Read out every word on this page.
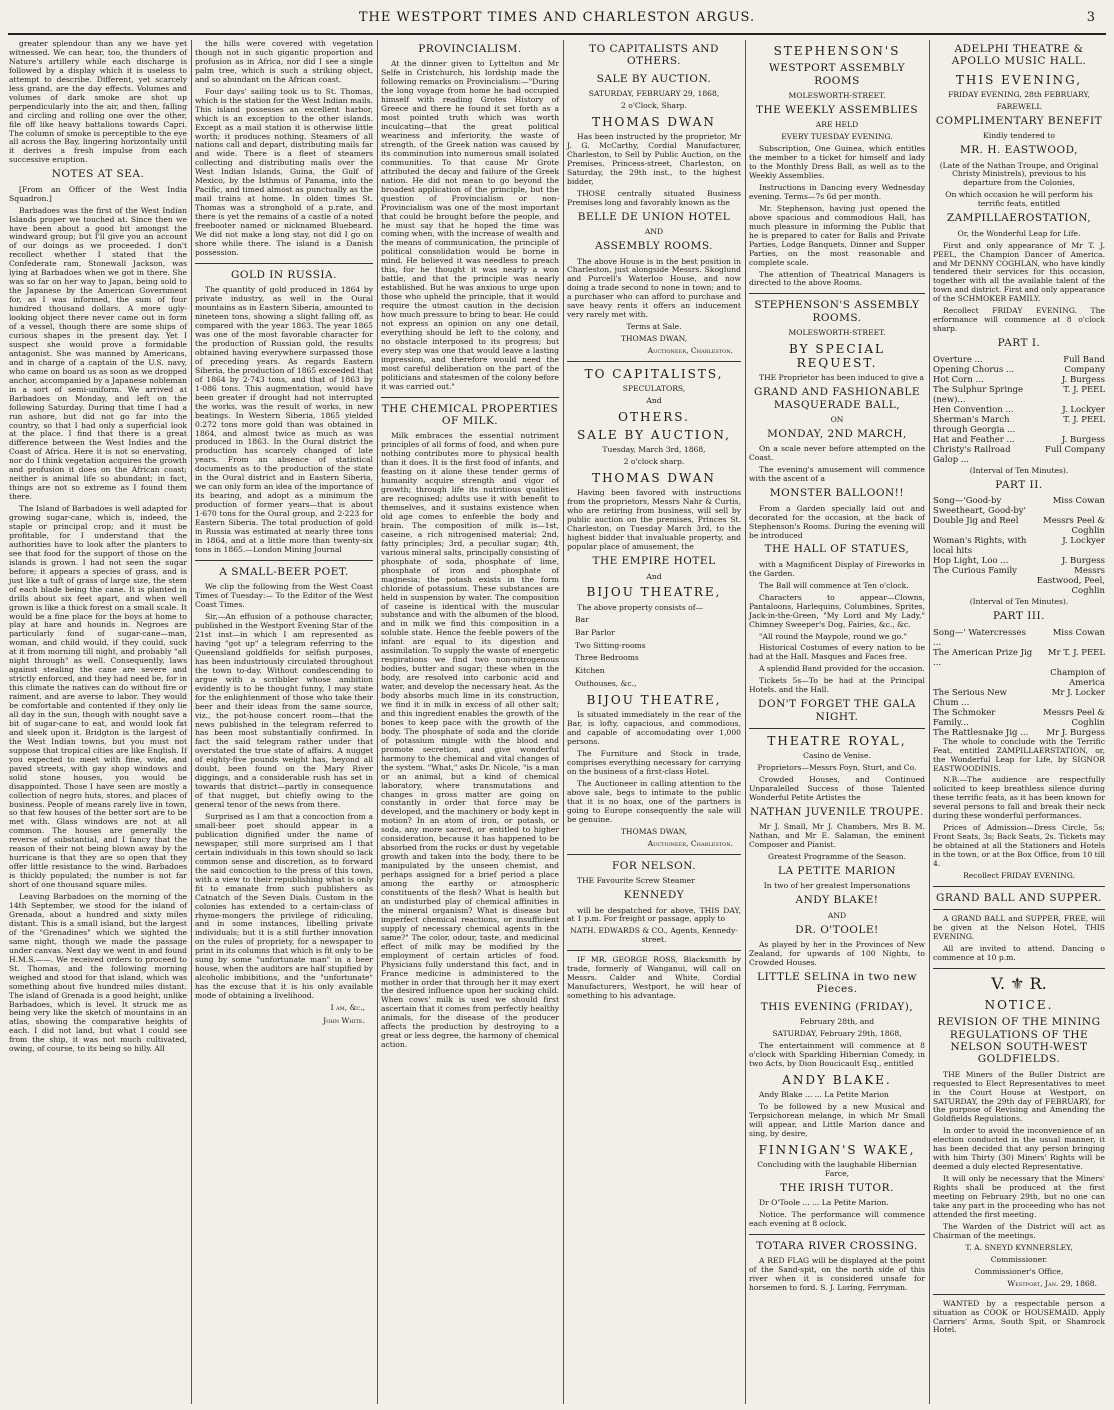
THE WESTPORT TIMES AND CHARLESTON ARGUS.	3

greater splendour than any we have yet witnessed. We can hear, too, the thunders of Nature's artillery while each discharge is followed by a display which it is useless to attempt to describe. Different, yet scarcely less grand, are the day effects. Volumes and volumes of dark smoke are shot up perpendicularly into the air, and then, falling and circling and rolling one over the other, file off like heavy battalions towards Capri. The column of smoke is perceptible to the eye all across the Bay, lingering horizontally until it derives a fresh impulse from each successive eruption.

NOTES AT SEA.

[From an Officer of the West India Squadron.]

Barbadoes was the first of the West Indian Islands proper we touched at. Since then we have been about a good bit amongst the windward group; but I'll give you an account of our doings as we proceeded. I don't recollect whether I stated that the Confederate ram, Stonewall Jackson, was lying at Barbadoes when we got in there. She was so far on her way to Japan, being sold to the Japanese by the American Government for, as I was informed, the sum of four hundred thousand dollars. A more ugly-looking object there never came out in form of a vessel, though there are some ships of curious shapes in the present day. Yet I suspect she would prove a formidable antagonist. She was manned by Americans, and in charge of a captain of the U.S. navy, who came on board us as soon as we dropped anchor, accompanied by a Japanese nobleman in a sort of semi-uniform. We arrived at Barbadoes on Monday, and left on the following Saturday. During that time I had a run ashore, but did not go far into the country, so that I had only a superficial look at the place. I find that there is a great difference between the West Indies and the Coast of Africa. Here it is not so enervating, nor do I think vegetation acquires the growth and profusion it does on the African coast; neither is animal life so abundant; in fact, things are not so extreme as I found them there.

The Island of Barbadoes is well adapted for growing sugar-cane, which is, indeed, the staple or principal crop; and it must be profitable, for I understand that the authorities have to look after the planters to see that food for the support of those on the islands is grown. I had not seen the sugar before; it appears a species of grass, and is just like a tuft of grass of large size, the stem of each blade being the cane. It is planted in drills about six feet apart, and when well grown is like a thick forest on a small scale. It would be a fine place for the boys at home to play at hare and hounds in. Negroes are particularly fond of sugar-cane—man, woman, and child would, if they could, suck at it from morning till night, and probably "all night through" as well. Consequently, laws against stealing the cane are severe and strictly enforced, and they had need be, for in this climate the natives can do without fire or raiment, and are averse to labor. They would be comfortable and contented if they only lie all day in the sun, though with nought save a bit of sugar-cane to eat, and would look fat and sleek upon it. Bridgton is the largest of the West Indian towns, but you must not suppose that tropical cities are like English. If you expected to meet with fine, wide, and paved streets, with gay shop windows and solid stone houses, you would be disappointed. Those I have seen are mostly a collection of negro huts, stores, and places of business. People of means rarely live in town, so that few houses of the better sort are to be met with. Glass windows are not at all common. The houses are generally the reverse of substantial, and I fancy that the reason of their not being blown away by the hurricane is that they are so open that they offer little resistance to the wind. Barbadoes is thickly populated; the number is not far short of one thousand square miles.

Leaving Barbadoes on the morning of the 14th September, we stood for the island of Grenada, about a hundred and sixty miles distant. This is a small island, but the largest of the "Grenadines" which we sighted the same night, though we made the passage under canvas. Next day we went in and found H.M.S.——. We received orders to proceed to St. Thomas, and the following morning weighed and stood for that island, which was something about five hundred miles distant. The island of Grenada is a good height, unlike Barbadoes, which is level. It struck me as being very like the sketch of mountains in an atlas, showing the comparative heights of each. I did not land, but what I could see from the ship, it was not much cultivated, owing, of course, to its being so hilly. All

the hills were covered with vegetation though not in such gigantic proportion and profusion as in Africa, nor did I see a single palm tree, which is such a striking object, and so abundant on the African coast.

Four days' sailing took us to St. Thomas, which is the station for the West Indian mails. This island possesses an excellent harbor, which is an exception to the other islands. Except as a mail station it is otherwise little worth; it produces nothing. Steamers of all nations call and depart, distributing mails far and wide. There is a fleet of steamers collecting and distributing mails over the West Indian Islands, Guina, the Gulf of Mexico, by the Isthmus of Panama, into the Pacific, and timed almost as punctually as the mail trains at home. In olden times St. Thomas was a stronghold of a p.rate, and there is yet the remains of a castle of a noted freebooter named or nicknamed Bluebeard. We did not make a long stay, not did I go on shore while there. The island is a Danish possession.

GOLD IN RUSSIA.

The quantity of gold produced in 1864 by private industry, as well in the Oural mountains as in Eastern Siberia, amounted to nineteen tons, showing a slight falling off, as compared with the year 1863. The year 1865 was one of the most favorable character for the production of Russian gold, the results obtained having everywhere surpassed those of preceding years. As regards Eastern Siberia, the production of 1865 exceeded that of 1864 by 2·743 tons, and that of 1863 by 1·086 tons. This augmentation, would have been greater if drought had not interrupted the works, was the result of works, in new beatings. In Western Siberia, 1865 yielded 0.272 tons more gold than was obtained in 1864, and almost twice as much as was produced in 1863. In the Oural district the production has scarcely changed of late years. From an absence of statistical documents as to the production of the state in the Oural district and in Eastern Siberia, we can only form an idea of the importance of its bearing, and adopt as a minimum the production of former years—that is about 1·670 tons for the Oural group, and 2·223 for Eastern Siberia. The total production of gold in Russia was estimated at nearly three tons in 1864, and at a little more than twenty-six tons in 1865.—London Mining Journal

A SMALL-BEER POET.

We clip the following from the West Coast Times of Tuesday:— To the Editor of the West Coast Times.

Sir,—An effusion of a pothouse character, published in the Westport Evening Star of the 21st inst—in which I am represented as having "got up" a telegram referring to the Queensland goldfields for selfish purposes, has been industriously circulated throughout the town to-day. Without condescending to argue with a scribbler whose ambition evidently is to be thought funny, I may state for the enlightenment of those who take their beer and their ideas from the same source, viz., the pot-house concert room—that the news published in the telegram referred to has been most substantially confirmed. In fact the said telegram rather under that overstated the true state of affairs. A nugget of eighty-five pounds weight has, beyond all doubt, been found on the Mary River diggings, and a considerable rush has set in towards that district—partly in consequence of that nugget, but chiefly owing to the general tenor of the news from there.

Surprised as I am that a concoction from a small-beer poet should appear in a publication dignified under the name of newspaper, still more surprised am I that certain individuals in this town should so lack common sense and discretion, as to forward the said concoction to the press of this town, with a view to their republishing what is only fit to emanate from such publishers as Catnatch of the Seven Dials. Custom in the colonies has extended to a certain-class of rhyme-mongers the privilege of ridiculing, and in some instances, libelling private individuals; but it is a still further innovation on the rules of propriety, for a newspaper to print in its columns that which is fit only to be sung by some "unfortunate man" in a beer house, when the auditors are half stupified by alcoholic imbibitions, and the "unfortunate" has the excuse that it is his only available mode of obtaining a livelihood.

I am, &c.,
John White.
PROVINCIALISM.

At the dinner given to Lyttelton and Mr Selfe in Cristchurch, his lordship made the following remarks on Provincialism:—"During the long voyage from home he had occupied himself with reading Grotes History of Greece and there he found it set forth as a most pointed truth which was worth inculcating—that the great political weariness and inferiority, the waste of strength, of the Greek nation was caused by its comminution into numerous small isolated communities. To that cause Mr Grote attributed the decay and failure of the Greek nation. He did not mean to go beyond the broadest application of the principle, but the question of Provincialism or non-Provincialism was one of the most important that could be brought before the people, and he must say that he hoped the time was coming when, with the increase of wealth and the means of communication, the principle of political consolidation would be borne in mind. He believed it was needless to preach this, for he thought it was nearly a won battle, and that the principle was nearly established. But he was anxious to urge upon those who upheld the principle, that it would require the utmost caution in the decision how much pressure to bring to bear. He could not express an opinion on any one detail, everything should be left to the colony, and no obstacle interposed to its progress; but every step was one that would leave a lasting impression, and therefore would need the most careful deliberation on the part of the politicians and statesmen of the colony before it was carried out."

THE CHEMICAL PROPERTIES OF MILK.

Milk embraces the essential nutriment principles of all forms of food, and when pure nothing contributes more to physical health than it does. It is the first food of infants, and feasting on it alone these tender germs of humanity acquire strength and vigor of growth; through life its nutritious qualities are recognised; adults use it with benefit to themselves, and it sustains existence when old age comes to enfeeble the body and brain. The composition of milk is—1st, caseine, a rich nitrogenised material; 2nd, fatty principles; 3rd, a peculiar sugar; 4th, various mineral salts, principally consisting of phosphate of soda, phosphate of lime, phosphate of iron and phosphate of magnesia; the potash exists in the form chloride of potassium. These substances are held in suspension by water. The composition of caseine is identical with the muscular substance and with the albumen of the blood, and in milk we find this composition in a soluble state. Hence the feeble powers of the infant are equal to its digestion and assimilation. To supply the waste of energetic respirations we find two non-nitrogenous bodies, butter and sugar; these when in the body, are resolved into carbonic acid and water, and develop the necessary heat. As the body absorbs much lime in its construction, we find it in milk in excess of all other salt; and this ingredient enables the growth of the bones to keep pace with the growth of the body. The phosphate of soda and the cloride of potassium mingle with the blood and promote secretion, and give wonderful harmony to the chemical and vital changes of the system. "What," asks Dr. Nicole, "is a man or an animal, but a kind of chemical laboratory, where transmutations and changes in gross matter are going on constantly in order that force may be developed, and the machinery or body kept in motion? In an atom of iron, or potash, or soda, any more sacred, or entitled to higher consideration, because it has happened to be absorbed from the rocks or dust by vegetable growth and taken into the body, there to be manipulated by the unseen chemist, and perhaps assigned for a brief period a place among the earthy or atmospheric constituents of the flesh? What is health but an undisturbed play of chemical affinities in the mineral organism? What is disease but imperfect chemical reactions, or insufficient supply of necessary chemical agents in the same?" The color, odour, taste, and medicinal effect of milk may be modified by the employment of certain articles of food. Physicians fully understand this fact, and in France medicine is administered to the mother in order that through her it may exert the desired influence upon her sucking child. When cows' milk is used we should first ascertain that it comes from perfectly healthy animals, for the disease of the producer affects the production by destroying to a great or less degree, the harmony of chemical action.

TO CAPITALISTS AND OTHERS.
SALE BY AUCTION.
SATURDAY, FEBRUARY 29, 1868,
2 o'Clock, Sharp.
THOMAS DWAN

Has been instructed by the proprietor, Mr J. G. McCarthy, Cordial Manufacturer, Charleston, to Sell by Public Auction, on the Premises, Princess-street, Charleston, on Saturday, the 29th inst., to the highest bidder,

THOSE centrally situated Business Premises long and favorably known as the

BELLE DE UNION HOTEL
AND
ASSEMBLY ROOMS.

The above House is in the best position in Charleston, just alongside Messrs. Skoglund and Purcell's Waterloo House, and now doing a trade second to none in town; and to a purchaser who can afford to purchase and save heavy rents it offers an inducement very rarely met with.

Terms at Sale.
THOMAS DWAN,
Auctioneer, Charleston.
TO CAPITALISTS,
SPECULATORS,
And
OTHERS.
SALE BY AUCTION,
Tuesday, March 3rd, 1868,
2 o'clock sharp.
THOMAS DWAN

Having been favored with instructions from the proprietors, Messrs Nahr & Curtis, who are retiring from business, will sell by public auction on the premises, Princes St. Charleston, on Tuesday March 3rd, to the highest bidder that invaluable property, and popular place of amusement, the

THE EMPIRE HOTEL
And
BIJOU THEATRE,

The above property consists of—

Bar
Bar Parlor
Two Sitting-rooms
Three Bedrooms
Kitchen
Outhouses, &c.,
BIJOU THEATRE,

Is situated immediately in the rear of the Bar, is lofty, capacious, and commodious, and capable of accomodating over 1,000 persons.

The Furniture and Stock in trade, comprises everything necessary for carrying on the business of a first-class Hotel.

The Auctioneer in calling attention to the above sale, begs to intimate to the public that it is no hoax, one of the partners is going to Europe consequently the sale will be genuine.

THOMAS DWAN,
Auctioneer, Charleston.
FOR NELSON.

THE Favourite Screw Steamer

KENNEDY

will be despatched for above, THIS DAY, at 1 p.m. For freight or passage, apply to

NATH. EDWARDS & CO., Agents, Kennedy-street.

IF MR. GEORGE ROSS, Blacksmith by trade, formerly of Wanganui, will call on Messrs. Calder and White, Cordial Manufacturers, Westport, he will hear of something to his advantage.

STEPHENSON'S
WESTPORT ASSEMBLY ROOMS
MOLESWORTH-STREET.
THE WEEKLY ASSEMBLIES
ARE HELD
EVERY TUESDAY EVENING.

Subscription, One Guinea, which entitles the member to a ticket for himself and lady to the Monthly Dress Ball, as well as to the Weekly Assemblies.

Instructions in Dancing every Wednesday evening. Terms—7s 6d per month.

Mr. Stephenson, having just opened the above spacious and commodious Hall, has much pleasure in informing the Public that he is prepared to cater for Balls and Private Parties, Lodge Banquets, Dinner and Supper Parties, on the most reasonable and complete scale.

The attention of Theatrical Managers is directed to the above Rooms.

STEPHENSON'S ASSEMBLY ROOMS.
MOLESWORTH-STREET.
BY SPECIAL REQUEST.

THE Proprietor has been induced to give a

GRAND AND FASHIONABLE MASQUERADE BALL,
ON
MONDAY, 2ND MARCH,

On a scale never before attempted on the Coast.

The evening's amusement will commence with the ascent of a

MONSTER BALLOON!!

From a Garden specially laid out and decorated for the occasion, at the back of Stephenson's Rooms. During the evening will be introduced

THE HALL OF STATUES,

with a Magnificent Display of Fireworks in the Garden.

The Ball will commence at Ten o'clock.

Characters to appear—Clowns, Pantaloons, Harlequins, Columbines, Sprites, Jack-in-the-Green, "My Lord and My Lady," Chimney Sweeper's Dog, Fairies, &c., &c.

"All round the Maypole, round we go."

Historical Costumes of every nation to be had at the Hall. Masques and Faces free.

A splendid Band provided for the occasion.

Tickets 5s—To be had at the Principal Hotels. and the Hall.

DON'T FORGET THE GALA NIGHT.
THEATRE ROYAL,
Casino de Venise.
Proprietors—Messrs Foyn, Sturt, and Co.

Crowded Houses, and Continued Unparalelled Success of those Talented Wonderful Petite Artistes the

NATHAN JUVENILE TROUPE.

Mr J. Small, Mr J. Chambers, Mrs B. M. Nathan, and Mr E. Salaman, the eminent Composer and Pianist.

Greatest Programme of the Season.
LA PETITE MARION
In two of her greatest Impersonations
ANDY BLAKE!
AND
DR. O'TOOLE!

As played by her in the Provinces of New Zealand, for upwards of 100 Nights, to Crowded Houses.

LITTLE SELINA in two new Pieces.
THIS EVENING (FRIDAY),
February 28th, and
SATURDAY, February 29th, 1868,

The entertainment will commence at 8 o'clock with Sparkling Hibernian Comedy, in two Acts, by Dion Boucicault Esq., entitled

ANDY BLAKE.

Andy Blake ... ... La Petite Marion

To be followed by a new Musical and Terpsichorean melange, in which Mr Small will appear, and Little Marion dance and sing, by desire,

FINNIGAN'S WAKE,
Concluding with the laughable Hibernian Farce,
THE IRISH TUTOR.

Dr O'Toole ... ... La Petite Marion.

Notice. The performance will commence each evening at 8 oclock.

TOTARA RIVER CROSSING.

A RED FLAG will be displayed at the point of the Sand-spit, on the north side of this river when it is considered unsafe for horsemen to ford. S. J. Loring, Ferryman.

ADELPHI THEATRE & APOLLO MUSIC HALL.
THIS EVENING,
FRIDAY EVENING, 28th FEBRUARY,
FAREWELL
COMPLIMENTARY BENEFIT
Kindly tendered to
MR. H. EASTWOOD,
(Late of the Nathan Troupe, and Original Christy Ministrels), previous to his departure from the Colonies,
On which occasion he will perform his terrific feats, entitled
ZAMPILLAEROSTATION,
Or, the Wonderful Leap for Life.

First and only appearance of Mr T. J. PEEL, the Champion Dancer of America. and Mr DENNY COGHLAN, who have kindly tendered their services for this occasion, together with all the available talent of the town and district. First and only appearance of the SCHMOKER FAMILY.

Recollect FRIDAY EVENING. The erformance will commence at 8 o'clock sharp.

PART I.
Overture ...	Full Band
Opening Chorus ...	Company
Hot Corn ...	J. Burgess
The Sulphur Springe (new)...
T. J. PEEL
Hen Convention ...	J. Lockyer
Sherman's March through Georgia ...
T. J. PEEL
Hat and Feather ...	J. Burgess
Christy's Railroad Galop ...
Full Company
(Interval of Ten Minutes).
PART II.
Song—'Good-by Sweetheart, Good-by'
Miss Cowan
Double Jig and Reel	Messrs Peel & Coghlin
Woman's Rights, with local hits
J. Lockyer
Hop Light, Loo ...	J. Burgess
The Curious Family	Messrs Eastwood, Peel, Coghlin
(Interval of Ten Minutes).
PART III.
Song—' Watercresses ...
Miss Cowan
The American Prize Jig ...
Mr T. J. PEEL
Champion of America
The Serious New Chum ...
Mr J. Locker
The Schmoker Family...
Messrs Peel & Coghlin
The Rattlesnake Jig ...	Mr J. Burgess

The whole to conclude with the Terrific Feat, entitled ZAMPILLAERSTATION, or, the Wonderful Leap for Life, by SIGNOR EASTWOODINIS.

N.B.—The audience are respectfully solicited to keep breathless silence during these terrific feats, as it has been known for several persons to fall and break their neck during these wonderful performances.

Prices of Admission—Dress Circle, 5s; Front Seats, 3s; Back Seats, 2s. Tickets may be obtained at all the Stationers and Hotels in the town, or at the Box Office, from 10 till 4.

Recollect FRIDAY EVENING.
GRAND BALL AND SUPPER.

A GRAND BALL and SUPPER, FREE, will be given at the Nelson Hotel, THIS EVENING.

All are invited to attend. Dancing o‍‍‌ commence at 10 p.m.

V. ⚜ R.
NOTICE.
REVISION OF THE MINING REGULATIONS OF THE NELSON SOUTH-WEST GOLDFIELDS.

THE Miners of the Buller District are requested to Elect Representatives to meet in the Court House at Westport, on SATURDAY, the 29th day of FEBRUARY, for the purpose of Revising and Amending the Goldfields Regulations.

In order to avoid the inconvenience of an election conducted in the usual manner, it has been decided that any person bringing with him Thirty (30) Miners' Rights will be deemed a duly elected Representative.

It will only be necessary that the Miners' Rights shall be produced at the first meeting on February 29th, but no one can take any part in the proceeding who has not attended the first meeting.

The Warden of the District will act as Chairman of the meetings.

T. A. SNEYD KYNNERSLEY,
Commissioner.
Commissioner's Office,
Westport, Jan. 29, 1868.

WANTED by a respectable person a situation as COOK or HOUSEMAID. Apply Carriers' Arms, South Spit, or Shamrock Hotel.
